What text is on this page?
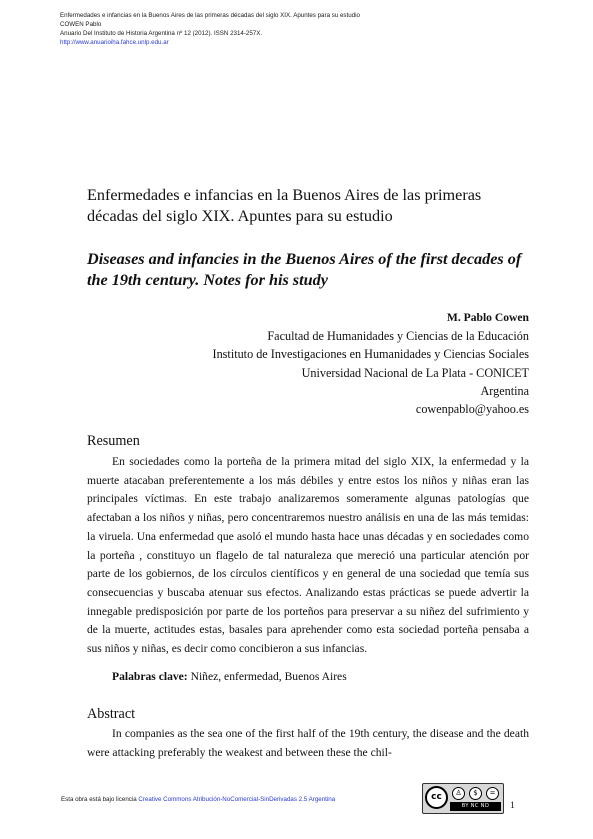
Enfermedades e infancias en la Buenos Aires de las primeras décadas del siglo XIX. Apuntes para su estudio
COWEN Pablo
Anuario Del Instituto de Historia Argentina nº 12 (2012). ISSN 2314-257X.
http://www.anuarioiha.fahce.unlp.edu.ar
Enfermedades e infancias en la Buenos Aires de las primeras décadas del siglo XIX. Apuntes para su estudio
Diseases and infancies in the Buenos Aires of the first decades of the 19th century. Notes for his study
M. Pablo Cowen
Facultad de Humanidades y Ciencias de la Educación
Instituto de Investigaciones en Humanidades y Ciencias Sociales
Universidad Nacional de La Plata - CONICET
Argentina
cowenpablo@yahoo.es
Resumen
En sociedades como la porteña de la primera mitad del siglo XIX, la enfermedad y la muerte atacaban preferentemente a los más débiles y entre estos los niños y niñas eran las principales víctimas. En este trabajo analizaremos someramente algunas patologías que afectaban a los niños y niñas, pero concentraremos nuestro análisis en una de las más temidas: la viruela. Una enfermedad que asoló el mundo hasta hace unas décadas y en sociedades como la porteña , constituyo un flagelo de tal naturaleza que mereció una particular atención por parte de los gobiernos, de los círculos científicos y en general de una sociedad que temía sus consecuencias y buscaba atenuar sus efectos. Analizando estas prácticas se puede advertir la innegable predisposición por parte de los porteños para preservar a su niñez del sufrimiento y de la muerte, actitudes estas, basales para aprehender como esta sociedad porteña pensaba a sus niños y niñas, es decir como concibieron a sus infancias.
Palabras clave: Niñez, enfermedad, Buenos Aires
Abstract
In companies as the sea one of the first half of the 19th century, the disease and the death were attacking preferably the weakest and between these the chil-
Esta obra está bajo licencia Creative Commons Atribución-NoComercial-SinDerivadas 2.5 Argentina	cc	♙	$	=
BY NC ND	1
